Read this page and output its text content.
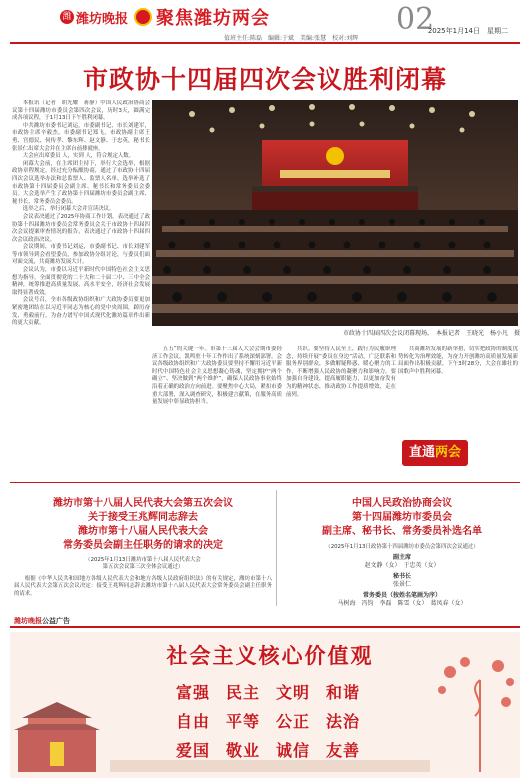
潍 潍坊晚报 聚焦潍坊两会	02
2025年1月14日　星期二
值班主任:陈磊　编辑:于斌　美编:张慧　校对:刘辉
市政协十四届四次会议胜利闭幕

本报讯（记者　胡光耀　蒋静）中国人民政治协商会议第十四届潍坊市委员会第四次会议，历时3天，圆满完成各项议程，于1月13日下午胜利闭幕。

中共潍坊市委书记刘运，市委副书记、市长刘建军，市政协主席辛毅杰，市委副书记郑飞，市政协副主席王勇、宫德民、何传孝、黎东辉、赵文静、于忠英，秘书长张景仁出席大会并在主席台前排就座。

大会应出席委员 人，实到 人，符合规定人数。

闭幕大会前，在主席团主持下，举行大会选举，根据政协章程规定，经过充分酝酿协商，通过了市政协十四届四次会议选举办法和总监票人、监票人名单。选举补选了市政协第十四届委员会副主席、秘书长和常务委员会委员。大会选举产生了政协第十四届潍坊市委员会副主席、秘书长、常务委员会委员。

选举之后，举行闭幕大会并宣读决议。

会议表决通过了2025年协商工作计划，表决通过了政协第十四届潍坊市委员会常务委员会关于市政协十四届四次会议提案审查情况的报告，表决通过了市政协十四届四次会议政治决议。

会议期间，市委书记刘运，市委副书记、市长刘建军等市领导到会看望委员，参加政协分组讨论，与委员们面对面交流，共商潍坊发展大计。

会议认为，市委以习近平新时代中国特色社会主义思想为指导，全面贯彻党的二十大和二十届二中、三中全会精神，统筹推进高质量发展、高水平安全，经济社会发展取得显著成效。

会议号召，全市各级政协组织和广大政协委员要更加紧密地团结在以习近平同志为核心的党中央周围，踔厉奋发、勇毅前行，为奋力谱写中国式现代化潍坊篇章作出新的更大贡献。

市政协十四届四次会议闭幕现场。　本报记者　王晓光　杨小凡　摄

五五”的关键一年。市第十三届人大会会期市委经济工作会议，凯鸣驻十年工作作出了系统深刻部署。会议各级政协组织和广大政协委员要坚持不懈用习近平新时代中国特色社会主义思想凝心铸魂，坚定拥护“两个确立”、坚决做到“两个维护”，确保人民政协事业始终沿着正确的政治方向前进。要聚焦中心大局，紧扣市委重大部署，深入调查研究，积极建言献策，在服务高质量发展中彰显政协担当。

共识。要坚持人民至上，践行为民履职理念，持续开展“委员在身边”活动，广泛联系和服务界别群众，多做解疑释惑、暖心聚力的工作，不断增强人民政协的凝聚力和影响力。要加强自身建设，提高履职能力，以更加奋发有为的精神状态，推动政协工作提质增效、走在前列。

共商潍坊发展的新举措，切实把政协的制度优势转化为治理效能，为奋力开创潍坊高质量发展新局面作出积极贡献。下午3时28分，大会在雄壮的国歌声中胜利闭幕。

直通两会
潍坊市第十八届人民代表大会第五次会议
关于接受王兆辉同志辞去
潍坊市第十八届人民代表大会
常务委员会副主任职务的请求的决定
（2025年1月13日潍坊市第十八届人民代表大会
第五次会议第三次全体会议通过）
根据《中华人民共和国地方各级人民代表大会和地方各级人民政府组织法》的有关规定，潍坊市第十八届人民代表大会第五次会议决定：接受王兆辉同志辞去潍坊市第十八届人民代表大会常务委员会副主任职务的请求。
中国人民政治协商会议
第十四届潍坊市委员会
副主席、秘书长、常务委员补选名单
（2025年1月13日政协第十四届潍坊市委员会第四次会议通过）
副主席
赵文静（女）　于忠英（女）
秘书长
张景仁
常务委员（按姓名笔画为序）
马树海　冯钧　李磊　陈雪（女）　葛凤春（女）
潍坊晚报公益广告
社会主义核心价值观
富强 民主 文明 和谐
自由 平等 公正 法治
爱国 敬业 诚信 友善
